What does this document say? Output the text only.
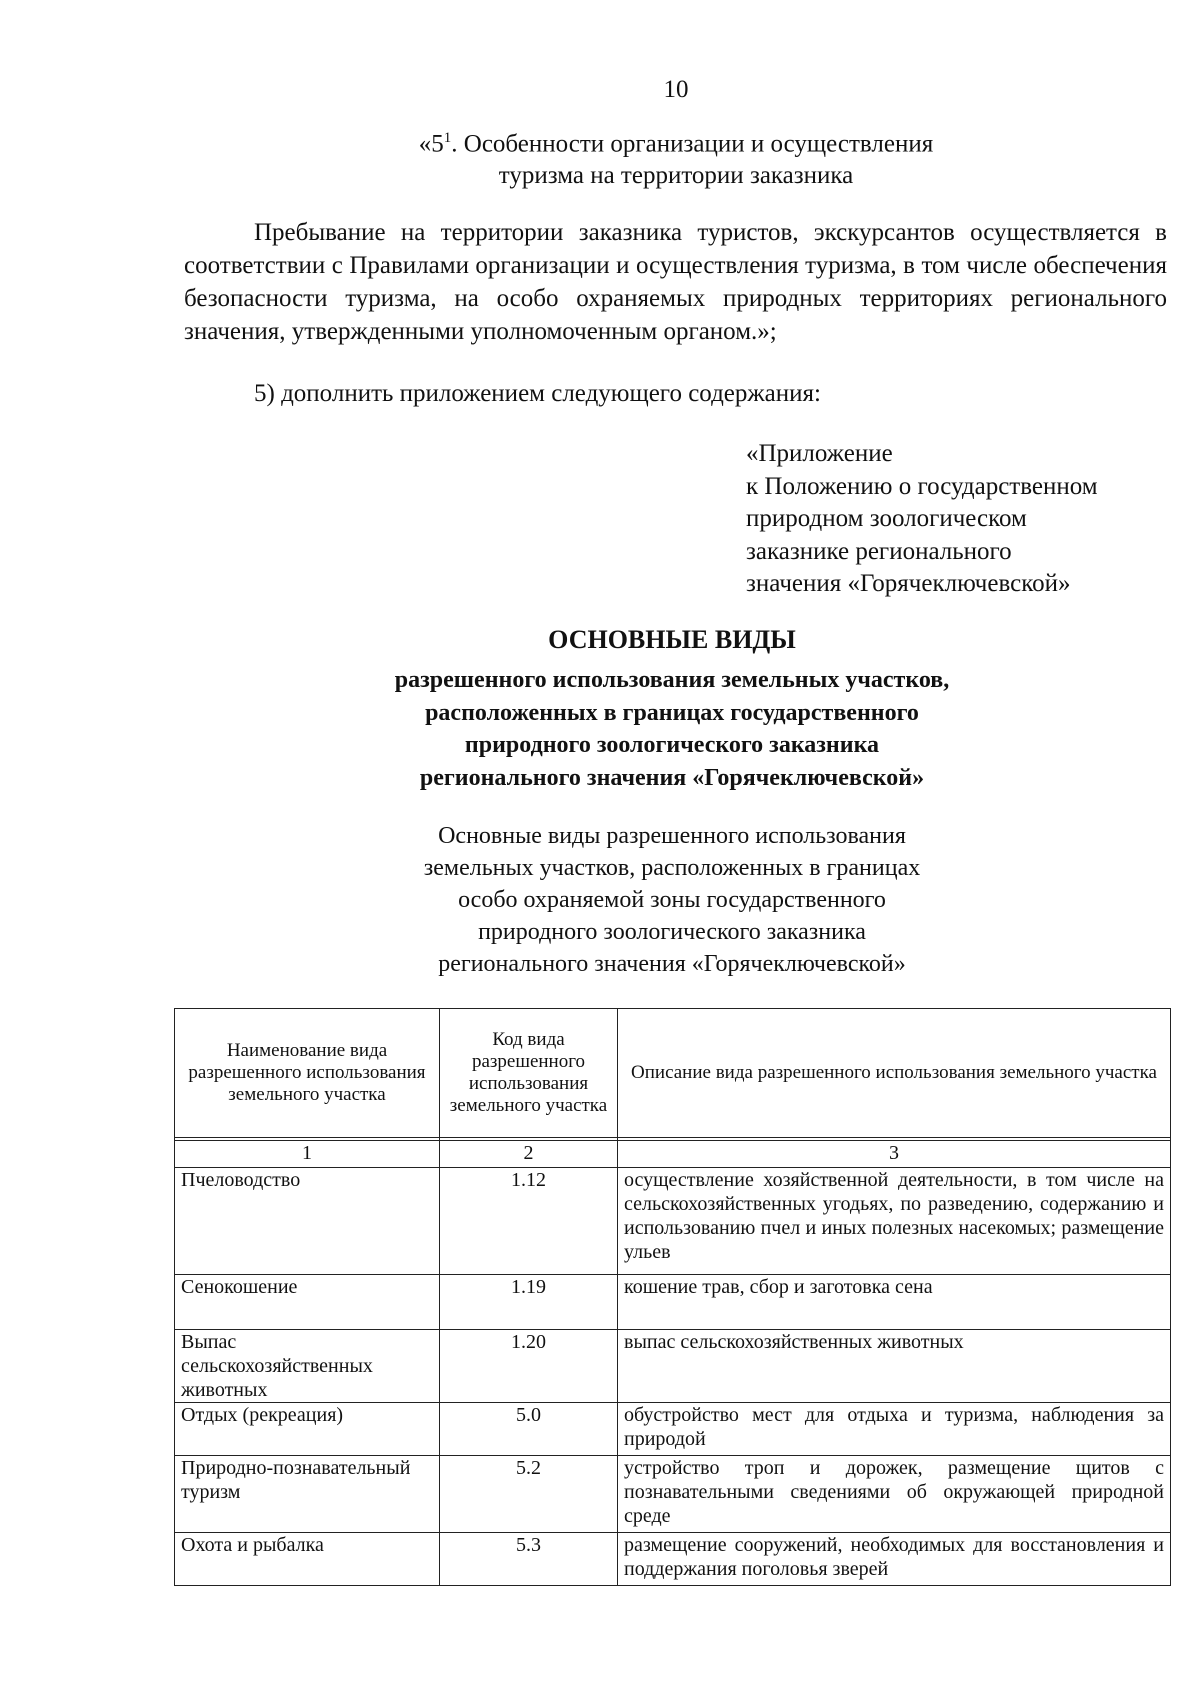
10
«$5^1$. Особенности организации и осуществления
туризма на территории заказника
Пребывание на территории заказника туристов, экскурсантов осуществляется в соответствии с Правилами организации и осуществления туризма, в том числе обеспечения безопасности туризма, на особо охраняемых природных территориях регионального значения, утвержденными уполномоченным органом.»;
5) дополнить приложением следующего содержания:
«Приложение
к Положению о государственном
природном зоологическом
заказнике регионального
значения «Горячеключевской»
ОСНОВНЫЕ ВИДЫ
разрешенного использования земельных участков,
расположенных в границах государственного
природного зоологического заказника
регионального значения «Горячеключевской»
Основные виды разрешенного использования
земельных участков, расположенных в границах
особо охраняемой зоны государственного
природного зоологического заказника
регионального значения «Горячеключевской»
Наименование вида разрешенного использования земельного участка	Код вида разрешенного использования земельного участка	Описание вида разрешенного использования земельного участка

1	2	3
Пчеловодство	1.12	осуществление хозяйственной деятельности, в том числе на сельскохозяйственных угодьях, по разведению, содержанию и использованию пчел и иных полезных насекомых; размещение ульев
Сенокошение	1.19	кошение трав, сбор и заготовка сена
Выпас сельскохозяйственных животных	1.20	выпас сельскохозяйственных животных
Отдых (рекреация)	5.0	обустройство мест для отдыха и туризма, наблюдения за природой
Природно-познавательный туризм	5.2	устройство троп и дорожек, размещение щитов с познавательными сведениями об окружающей природной среде
Охота и рыбалка	5.3	размещение сооружений, необходимых для восстановления и поддержания поголовья зверей
